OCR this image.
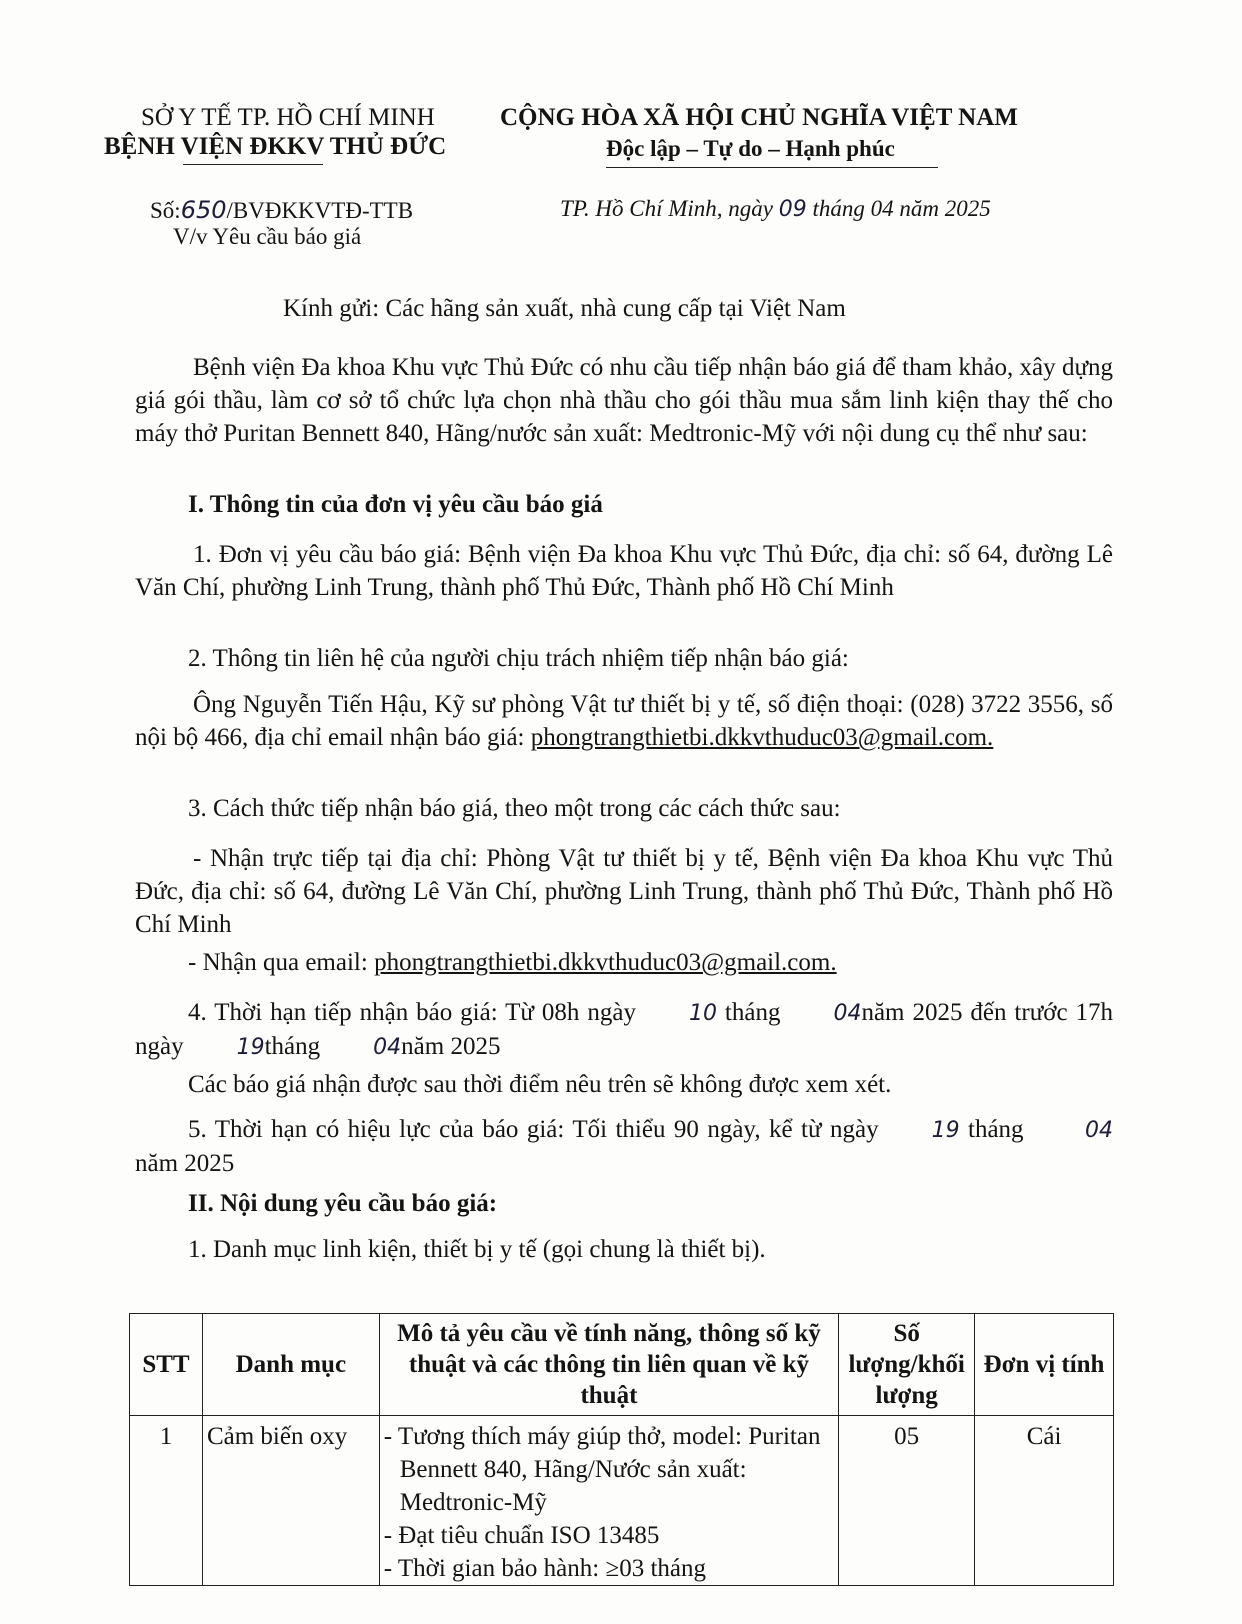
SỞ Y TẾ TP. HỒ CHÍ MINH
BỆNH VIỆN ĐKKV THỦ ĐỨC
CỘNG HÒA XÃ HỘI CHỦ NGHĨA VIỆT NAM
Độc lập – Tự do – Hạnh phúc
Số:650/BVĐKKVTĐ-TTB
V/v Yêu cầu báo giá
TP. Hồ Chí Minh, ngày 09 tháng 04 năm 2025
Kính gửi: Các hãng sản xuất, nhà cung cấp tại Việt Nam
Bệnh viện Đa khoa Khu vực Thủ Đức có nhu cầu tiếp nhận báo giá để tham khảo, xây dựng giá gói thầu, làm cơ sở tổ chức lựa chọn nhà thầu cho gói thầu mua sắm linh kiện thay thế cho máy thở Puritan Bennett 840, Hãng/nước sản xuất: Medtronic-Mỹ với nội dung cụ thể như sau:
I. Thông tin của đơn vị yêu cầu báo giá
1. Đơn vị yêu cầu báo giá: Bệnh viện Đa khoa Khu vực Thủ Đức, địa chỉ: số 64, đường Lê Văn Chí, phường Linh Trung, thành phố Thủ Đức, Thành phố Hồ Chí Minh
2. Thông tin liên hệ của người chịu trách nhiệm tiếp nhận báo giá:
Ông Nguyễn Tiến Hậu, Kỹ sư phòng Vật tư thiết bị y tế, số điện thoại: (028) 3722 3556, số nội bộ 466, địa chỉ email nhận báo giá: phongtrangthietbi.dkkvthuduc03@gmail.com.
3. Cách thức tiếp nhận báo giá, theo một trong các cách thức sau:
- Nhận trực tiếp tại địa chỉ: Phòng Vật tư thiết bị y tế, Bệnh viện Đa khoa Khu vực Thủ Đức, địa chỉ: số 64, đường Lê Văn Chí, phường Linh Trung, thành phố Thủ Đức, Thành phố Hồ Chí Minh
- Nhận qua email: phongtrangthietbi.dkkvthuduc03@gmail.com.
4. Thời hạn tiếp nhận báo giá: Từ 08h ngày 10 tháng 04năm 2025 đến trước 17h ngày 19tháng 04năm 2025
Các báo giá nhận được sau thời điểm nêu trên sẽ không được xem xét.
5. Thời hạn có hiệu lực của báo giá: Tối thiểu 90 ngày, kể từ ngày 19 tháng	04 năm 2025
II. Nội dung yêu cầu báo giá:
1. Danh mục linh kiện, thiết bị y tế (gọi chung là thiết bị).
STT	Danh mục	Mô tả yêu cầu về tính năng, thông số kỹ thuật và các thông tin liên quan về kỹ thuật	Số lượng/khối lượng	Đơn vị tính
1	Cảm biến oxy	- Tương thích máy giúp thở, model: Puritan Bennett 840, Hãng/Nước sản xuất: Medtronic-Mỹ
- Đạt tiêu chuẩn ISO 13485
- Thời gian bảo hành: ≥03 tháng	05	Cái
